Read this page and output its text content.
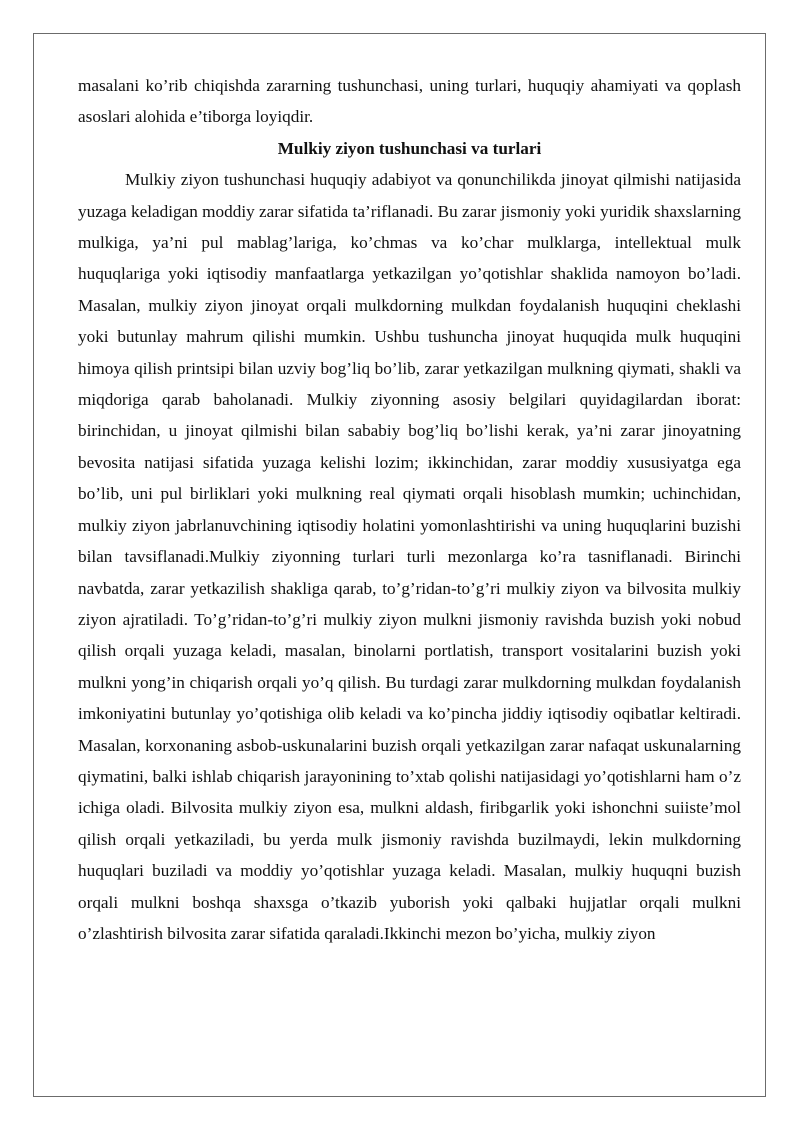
masalani ko’rib chiqishda zararning tushunchasi, uning turlari, huquqiy ahamiyati va qoplash asoslari alohida e’tiborga loyiqdir.

Mulkiy ziyon tushunchasi va turlari

Mulkiy ziyon tushunchasi huquqiy adabiyot va qonunchilikda jinoyat qilmishi natijasida yuzaga keladigan moddiy zarar sifatida ta’riflanadi. Bu zarar jismoniy yoki yuridik shaxslarning mulkiga, ya’ni pul mablag’lariga, ko’chmas va ko’char mulklarga, intellektual mulk huquqlariga yoki iqtisodiy manfaatlarga yetkazilgan yo’qotishlar shaklida namoyon bo’ladi. Masalan, mulkiy ziyon jinoyat orqali mulkdorning mulkdan foydalanish huquqini cheklashi yoki butunlay mahrum qilishi mumkin. Ushbu tushuncha jinoyat huquqida mulk huquqini himoya qilish printsipi bilan uzviy bog’liq bo’lib, zarar yetkazilgan mulkning qiymati, shakli va miqdoriga qarab baholanadi. Mulkiy ziyonning asosiy belgilari quyidagilardan iborat: birinchidan, u jinoyat qilmishi bilan sababiy bog’liq bo’lishi kerak, ya’ni zarar jinoyatning bevosita natijasi sifatida yuzaga kelishi lozim; ikkinchidan, zarar moddiy xususiyatga ega bo’lib, uni pul birliklari yoki mulkning real qiymati orqali hisoblash mumkin; uchinchidan, mulkiy ziyon jabrlanuvchining iqtisodiy holatini yomonlashtirishi va uning huquqlarini buzishi bilan tavsiflanadi.Mulkiy ziyonning turlari turli mezonlarga ko’ra tasniflanadi. Birinchi navbatda, zarar yetkazilish shakliga qarab, to’g’ridan-to’g’ri mulkiy ziyon va bilvosita mulkiy ziyon ajratiladi. To’g’ridan-to’g’ri mulkiy ziyon mulkni jismoniy ravishda buzish yoki nobud qilish orqali yuzaga keladi, masalan, binolarni portlatish, transport vositalarini buzish yoki mulkni yong’in chiqarish orqali yo’q qilish. Bu turdagi zarar mulkdorning mulkdan foydalanish imkoniyatini butunlay yo’qotishiga olib keladi va ko’pincha jiddiy iqtisodiy oqibatlar keltiradi. Masalan, korxonaning asbob-uskunalarini buzish orqali yetkazilgan zarar nafaqat uskunalarning qiymatini, balki ishlab chiqarish jarayonining to’xtab qolishi natijasidagi yo’qotishlarni ham o’z ichiga oladi. Bilvosita mulkiy ziyon esa, mulkni aldash, firibgarlik yoki ishonchni suiiste’mol qilish orqali yetkaziladi, bu yerda mulk jismoniy ravishda buzilmaydi, lekin mulkdorning huquqlari buziladi va moddiy yo’qotishlar yuzaga keladi. Masalan, mulkiy huquqni buzish orqali mulkni boshqa shaxsga o’tkazib yuborish yoki qalbaki hujjatlar orqali mulkni o’zlashtirish bilvosita zarar sifatida qaraladi.Ikkinchi mezon bo’yicha, mulkiy ziyon
